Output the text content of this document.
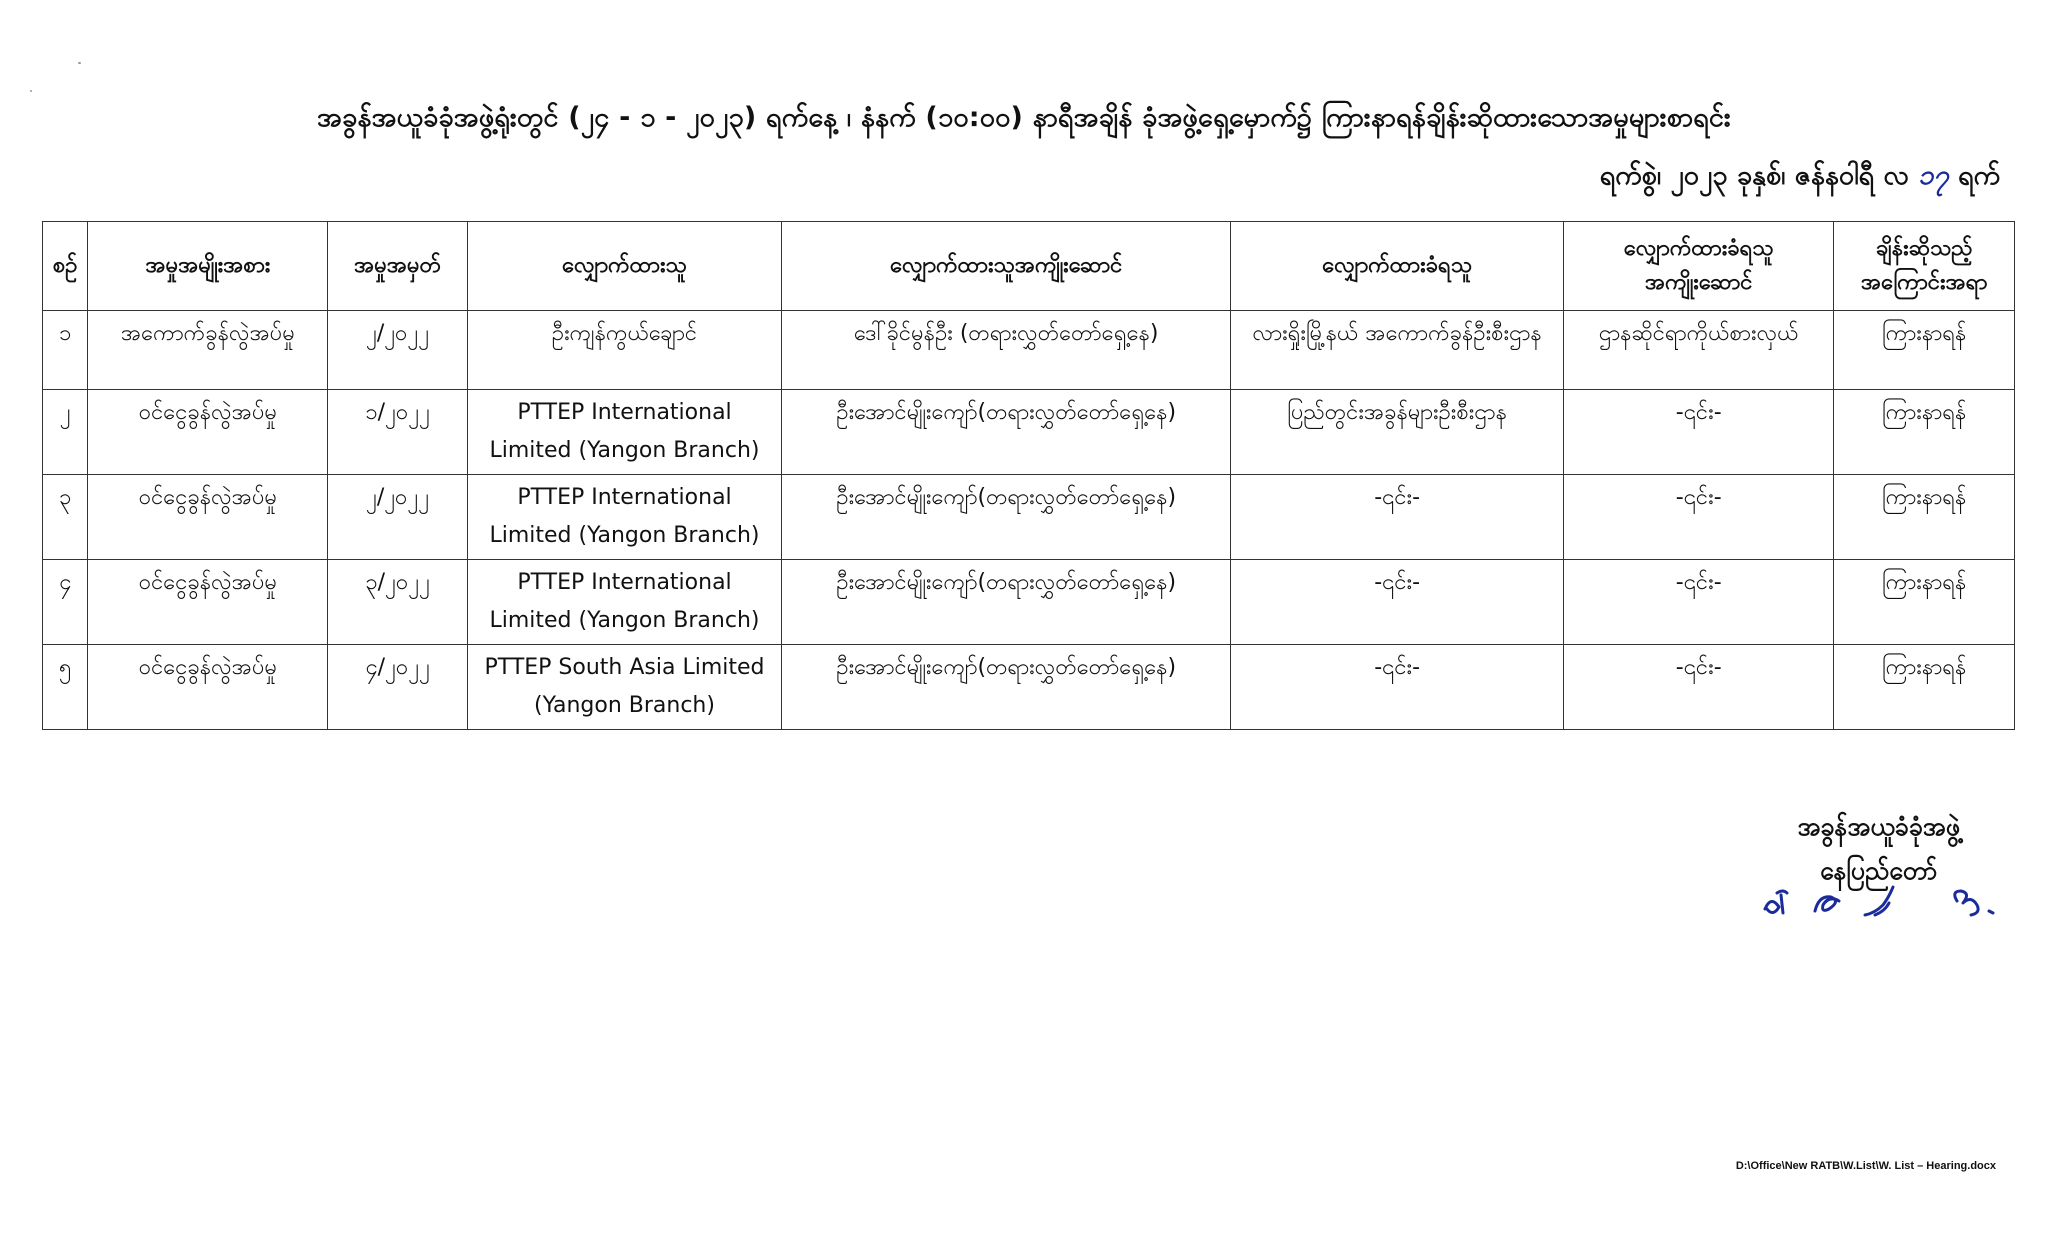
အခွန်အယူခံခုံအဖွဲ့ရုံးတွင် (၂၄ - ၁ - ၂၀၂၃) ရက်နေ့ ၊ နံနက် (၁၀:၀၀) နာရီအချိန် ခုံအဖွဲ့ရှေ့မှောက်၌ ကြားနာရန်ချိန်းဆိုထားသောအမှုများစာရင်း
ရက်စွဲ၊ ၂၀၂၃ ခုနှစ်၊ ဇန်နဝါရီ လ ၁၇ ရက်
စဉ်	အမှုအမျိုးအစား	အမှုအမှတ်	လျှောက်ထားသူ	လျှောက်ထားသူအကျိုးဆောင်	လျှောက်ထားခံရသူ	လျှောက်ထားခံရသူ အကျိုးဆောင်	ချိန်းဆိုသည့် အကြောင်းအရာ
၁	အကောက်ခွန်လွဲအပ်မှု	၂/၂၀၂၂	ဦးကျန်ကွယ်ချောင်	ဒေါ်ခိုင်မွန်ဦး (တရားလွှတ်တော်ရှေ့နေ)	လားရှိုးမြို့နယ် အကောက်ခွန်ဦးစီးဌာန	ဌာနဆိုင်ရာကိုယ်စားလှယ်	ကြားနာရန်
၂	ဝင်ငွေခွန်လွဲအပ်မှု	၁/၂၀၂၂	PTTEP International Limited (Yangon Branch)	ဦးအောင်မျိုးကျော်(တရားလွှတ်တော်ရှေ့နေ)	ပြည်တွင်းအခွန်များဦးစီးဌာန	-၎င်း-	ကြားနာရန်
၃	ဝင်ငွေခွန်လွဲအပ်မှု	၂/၂၀၂၂	PTTEP International Limited (Yangon Branch)	ဦးအောင်မျိုးကျော်(တရားလွှတ်တော်ရှေ့နေ)	-၎င်း-	-၎င်း-	ကြားနာရန်
၄	ဝင်ငွေခွန်လွဲအပ်မှု	၃/၂၀၂၂	PTTEP International Limited (Yangon Branch)	ဦးအောင်မျိုးကျော်(တရားလွှတ်တော်ရှေ့နေ)	-၎င်း-	-၎င်း-	ကြားနာရန်
၅	ဝင်ငွေခွန်လွဲအပ်မှု	၄/၂၀၂၂	PTTEP South Asia Limited (Yangon Branch)	ဦးအောင်မျိုးကျော်(တရားလွှတ်တော်ရှေ့နေ)	-၎င်း-	-၎င်း-	ကြားနာရန်
အခွန်အယူခံခုံအဖွဲ့
နေပြည်တော်
D:\Office\New RATB\W.List\W. List – Hearing.docx
